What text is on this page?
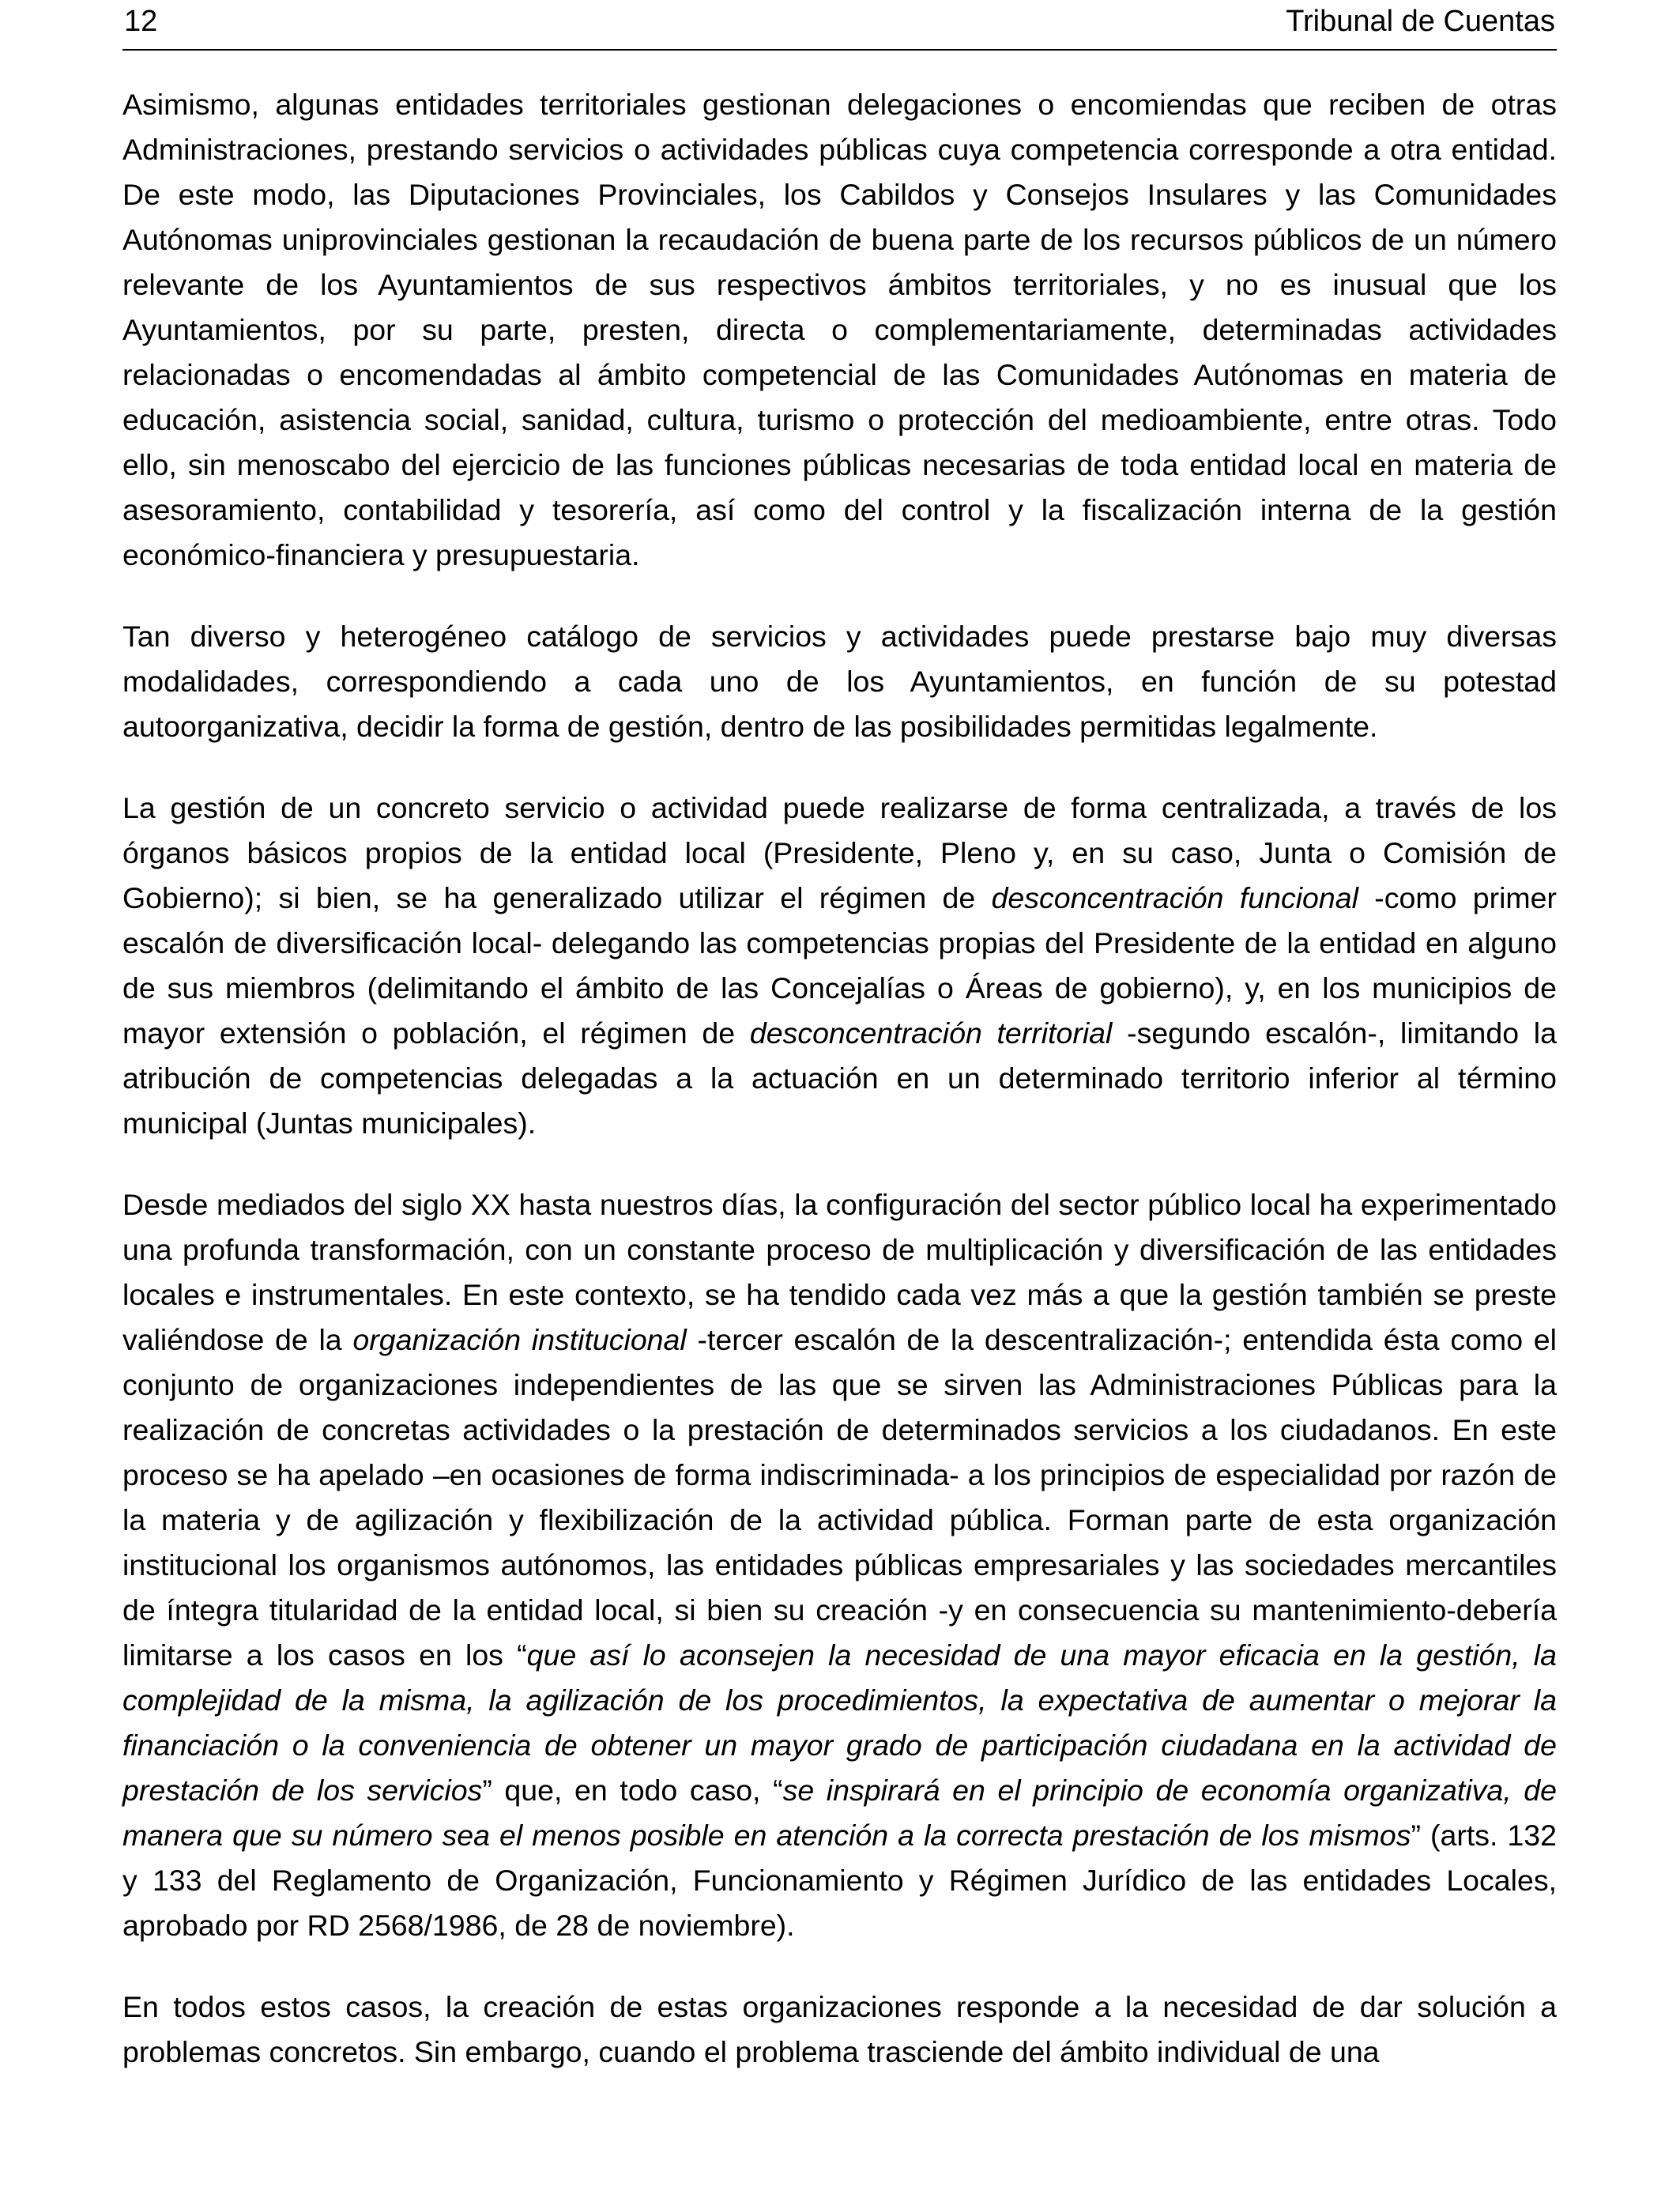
12	Tribunal de Cuentas

Asimismo, algunas entidades territoriales gestionan delegaciones o encomiendas que reciben de otras Administraciones, prestando servicios o actividades públicas cuya competencia corresponde a otra entidad. De este modo, las Diputaciones Provinciales, los Cabildos y Consejos Insulares y las Comunidades Autónomas uniprovinciales gestionan la recaudación de buena parte de los recursos públicos de un número relevante de los Ayuntamientos de sus respectivos ámbitos territoriales, y no es inusual que los Ayuntamientos, por su parte, presten, directa o complementariamente, determinadas actividades relacionadas o encomendadas al ámbito competencial de las Comunidades Autónomas en materia de educación, asistencia social, sanidad, cultura, turismo o protección del medioambiente, entre otras. Todo ello, sin menoscabo del ejercicio de las funciones públicas necesarias de toda entidad local en materia de asesoramiento, contabilidad y tesorería, así como del control y la fiscalización interna de la gestión económico-financiera y presupuestaria.

Tan diverso y heterogéneo catálogo de servicios y actividades puede prestarse bajo muy diversas modalidades, correspondiendo a cada uno de los Ayuntamientos, en función de su potestad autoorganizativa, decidir la forma de gestión, dentro de las posibilidades permitidas legalmente.

La gestión de un concreto servicio o actividad puede realizarse de forma centralizada, a través de los órganos básicos propios de la entidad local (Presidente, Pleno y, en su caso, Junta o Comisión de Gobierno); si bien, se ha generalizado utilizar el régimen de desconcentración funcional -como primer escalón de diversificación local- delegando las competencias propias del Presidente de la entidad en alguno de sus miembros (delimitando el ámbito de las Concejalías o Áreas de gobierno), y, en los municipios de mayor extensión o población, el régimen de desconcentración territorial -segundo escalón-, limitando la atribución de competencias delegadas a la actuación en un determinado territorio inferior al término municipal (Juntas municipales).

Desde mediados del siglo XX hasta nuestros días, la configuración del sector público local ha experimentado una profunda transformación, con un constante proceso de multiplicación y diversificación de las entidades locales e instrumentales. En este contexto, se ha tendido cada vez más a que la gestión también se preste valiéndose de la organización institucional -tercer escalón de la descentralización-; entendida ésta como el conjunto de organizaciones independientes de las que se sirven las Administraciones Públicas para la realización de concretas actividades o la prestación de determinados servicios a los ciudadanos. En este proceso se ha apelado –en ocasiones de forma indiscriminada- a los principios de especialidad por razón de la materia y de agilización y flexibilización de la actividad pública. Forman parte de esta organización institucional los organismos autónomos, las entidades públicas empresariales y las sociedades mercantiles de íntegra titularidad de la entidad local, si bien su creación -y en consecuencia su mantenimiento-debería limitarse a los casos en los “que así lo aconsejen la necesidad de una mayor eficacia en la gestión, la complejidad de la misma, la agilización de los procedimientos, la expectativa de aumentar o mejorar la financiación o la conveniencia de obtener un mayor grado de participación ciudadana en la actividad de prestación de los servicios” que, en todo caso, “se inspirará en el principio de economía organizativa, de manera que su número sea el menos posible en atención a la correcta prestación de los mismos” (arts. 132 y 133 del Reglamento de Organización, Funcionamiento y Régimen Jurídico de las entidades Locales, aprobado por RD 2568/1986, de 28 de noviembre).

En todos estos casos, la creación de estas organizaciones responde a la necesidad de dar solución a problemas concretos. Sin embargo, cuando el problema trasciende del ámbito individual de una
